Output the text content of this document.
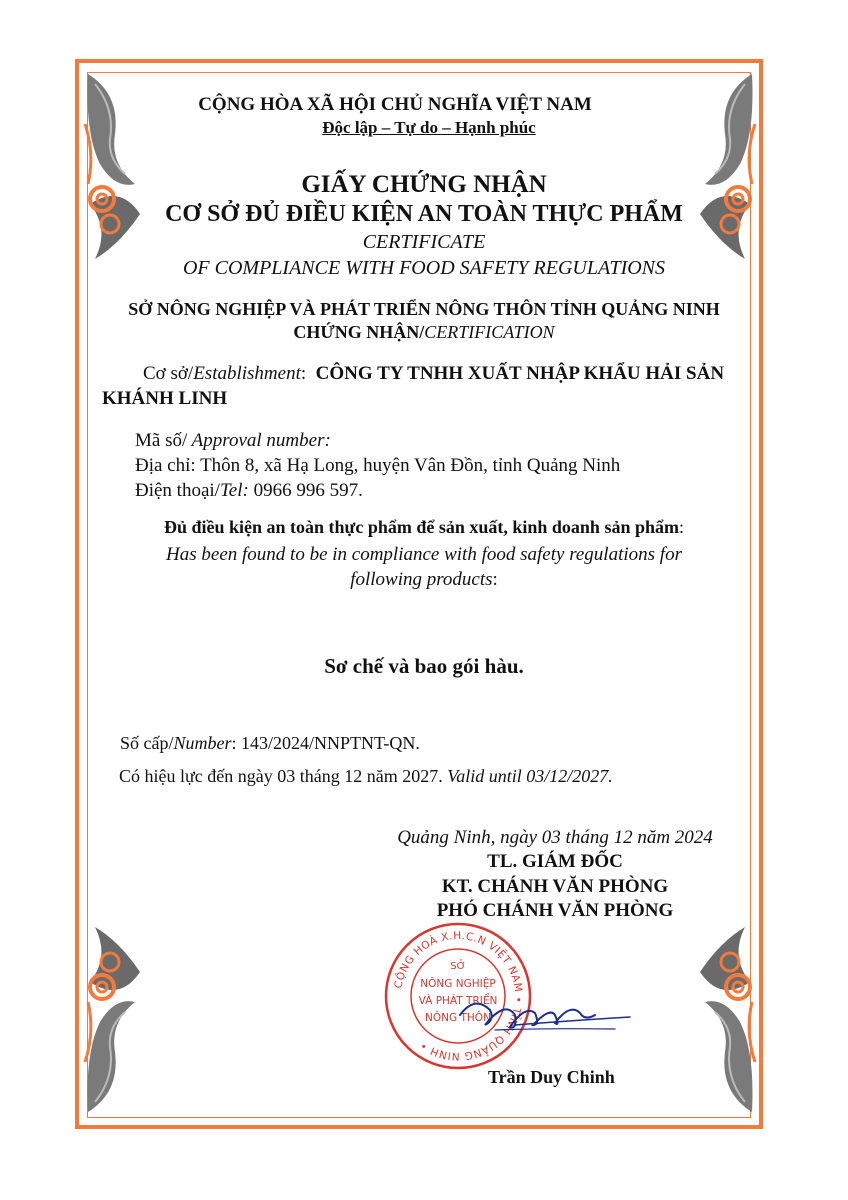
CỘNG HÒA XÃ HỘI CHỦ NGHĨA VIỆT NAM
Độc lập – Tự do – Hạnh phúc
GIẤY CHỨNG NHẬN
CƠ SỞ ĐỦ ĐIỀU KIỆN AN TOÀN THỰC PHẨM
CERTIFICATE
OF COMPLIANCE WITH FOOD SAFETY REGULATIONS
SỞ NÔNG NGHIỆP VÀ PHÁT TRIỂN NÔNG THÔN TỈNH QUẢNG NINH
CHỨNG NHẬN/CERTIFICATION
Cơ sở/Establishment: CÔNG TY TNHH XUẤT NHẬP KHẨU HẢI SẢN
KHÁNH LINH
Mã số/ Approval number:
Địa chỉ: Thôn 8, xã Hạ Long, huyện Vân Đồn, tỉnh Quảng Ninh
Điện thoại/Tel: 0966 996 597.
Đủ điều kiện an toàn thực phẩm để sản xuất, kinh doanh sản phẩm:
Has been found to be in compliance with food safety regulations for
following products:
Sơ chế và bao gói hàu.
Số cấp/Number: 143/2024/NNPTNT-QN.
Có hiệu lực đến ngày 03 tháng 12 năm 2027. Valid until 03/12/2027.
Quảng Ninh, ngày 03 tháng 12 năm 2024
TL. GIÁM ĐỐC
KT. CHÁNH VĂN PHÒNG
PHÓ CHÁNH VĂN PHÒNG
CỘNG HOÀ X.H.C.N VIỆT NAM • TỈNH QUẢNG NINH •
SỞ
NÔNG NGHIỆP
VÀ PHÁT TRIỂN
NÔNG THÔN
Trần Duy Chinh
